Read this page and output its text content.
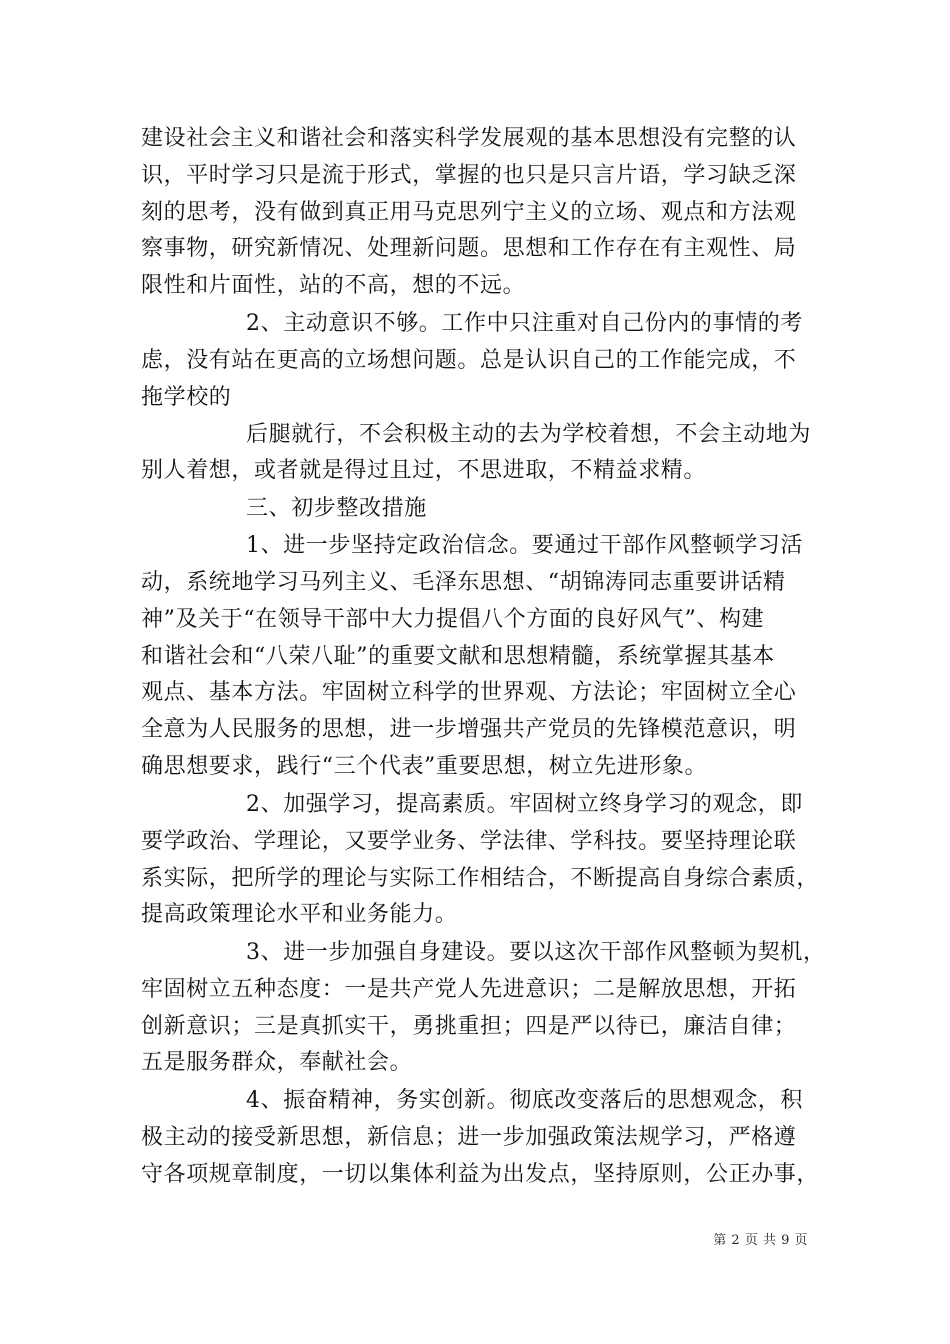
建设社会主义和谐社会和落实科学发展观的基本思想没有完整的认
识，平时学习只是流于形式，掌握的也只是只言片语，学习缺乏深
刻的思考，没有做到真正用马克思列宁主义的立场、观点和方法观
察事物，研究新情况、处理新问题。思想和工作存在有主观性、局
限性和片面性，站的不高，想的不远。
2、主动意识不够。工作中只注重对自己份内的事情的考
虑，没有站在更高的立场想问题。总是认识自己的工作能完成，不
拖学校的
后腿就行，不会积极主动的去为学校着想，不会主动地为
别人着想，或者就是得过且过，不思进取，不精益求精。
三、初步整改措施
1、进一步坚持定政治信念。要通过干部作风整顿学习活
动，系统地学习马列主义、毛泽东思想、“胡锦涛同志重要讲话精
神”及关于“在领导干部中大力提倡八个方面的良好风气”、构建
和谐社会和“八荣八耻”的重要文献和思想精髓，系统掌握其基本
观点、基本方法。牢固树立科学的世界观、方法论；牢固树立全心
全意为人民服务的思想，进一步增强共产党员的先锋模范意识，明
确思想要求，践行“三个代表”重要思想，树立先进形象。
2、加强学习，提高素质。牢固树立终身学习的观念，即
要学政治、学理论，又要学业务、学法律、学科技。要坚持理论联
系实际，把所学的理论与实际工作相结合，不断提高自身综合素质，
提高政策理论水平和业务能力。
3、进一步加强自身建设。要以这次干部作风整顿为契机，
牢固树立五种态度：一是共产党人先进意识；二是解放思想，开拓
创新意识；三是真抓实干，勇挑重担；四是严以待已，廉洁自律；
五是服务群众，奉献社会。
4、振奋精神，务实创新。彻底改变落后的思想观念，积
极主动的接受新思想，新信息；进一步加强政策法规学习，严格遵
守各项规章制度，一切以集体利益为出发点，坚持原则，公正办事，
第 2 页 共 9 页
